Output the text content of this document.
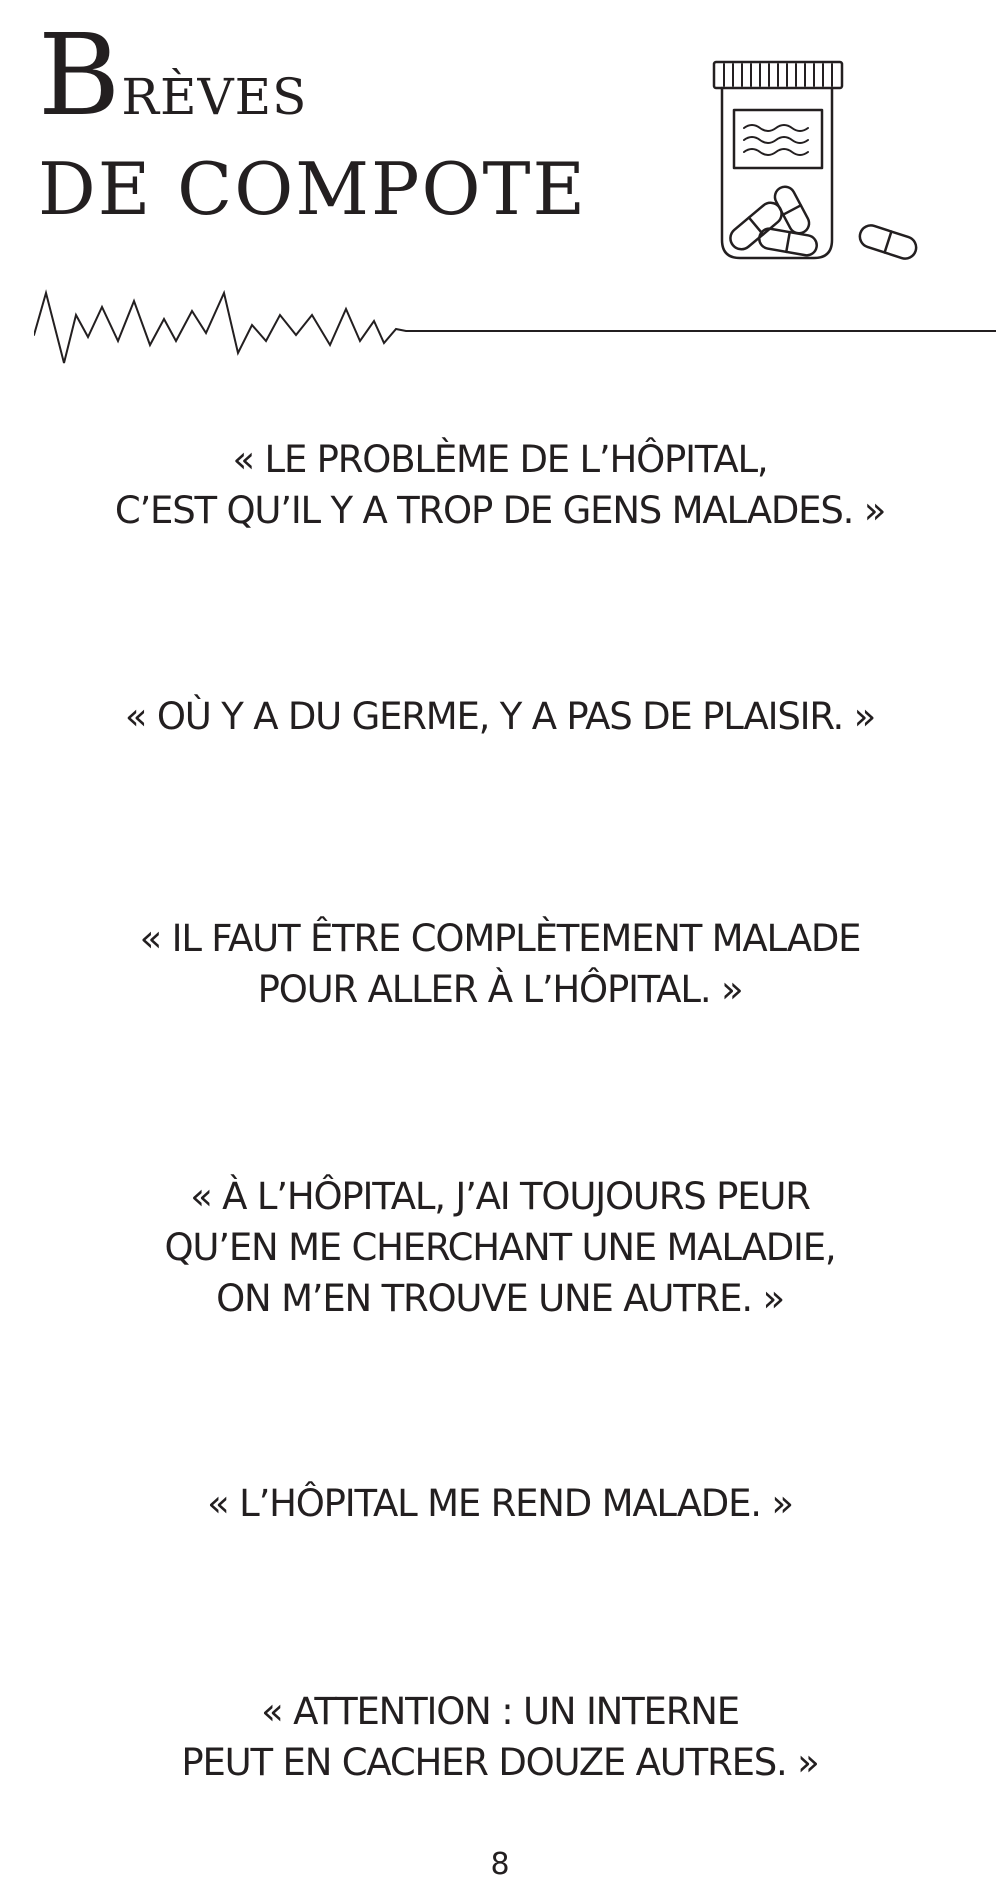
Brèves
DE COMPOTE
« LE PROBLÈME DE L’HÔPITAL,
C’EST QU’IL Y A TROP DE GENS MALADES. »
« OÙ Y A DU GERME, Y A PAS DE PLAISIR. »
« IL FAUT ÊTRE COMPLÈTEMENT MALADE
POUR ALLER À L’HÔPITAL. »
« À L’HÔPITAL, J’AI TOUJOURS PEUR
QU’EN ME CHERCHANT UNE MALADIE,
ON M’EN TROUVE UNE AUTRE. »
« L’HÔPITAL ME REND MALADE. »
« ATTENTION : UN INTERNE
PEUT EN CACHER DOUZE AUTRES. »
8
